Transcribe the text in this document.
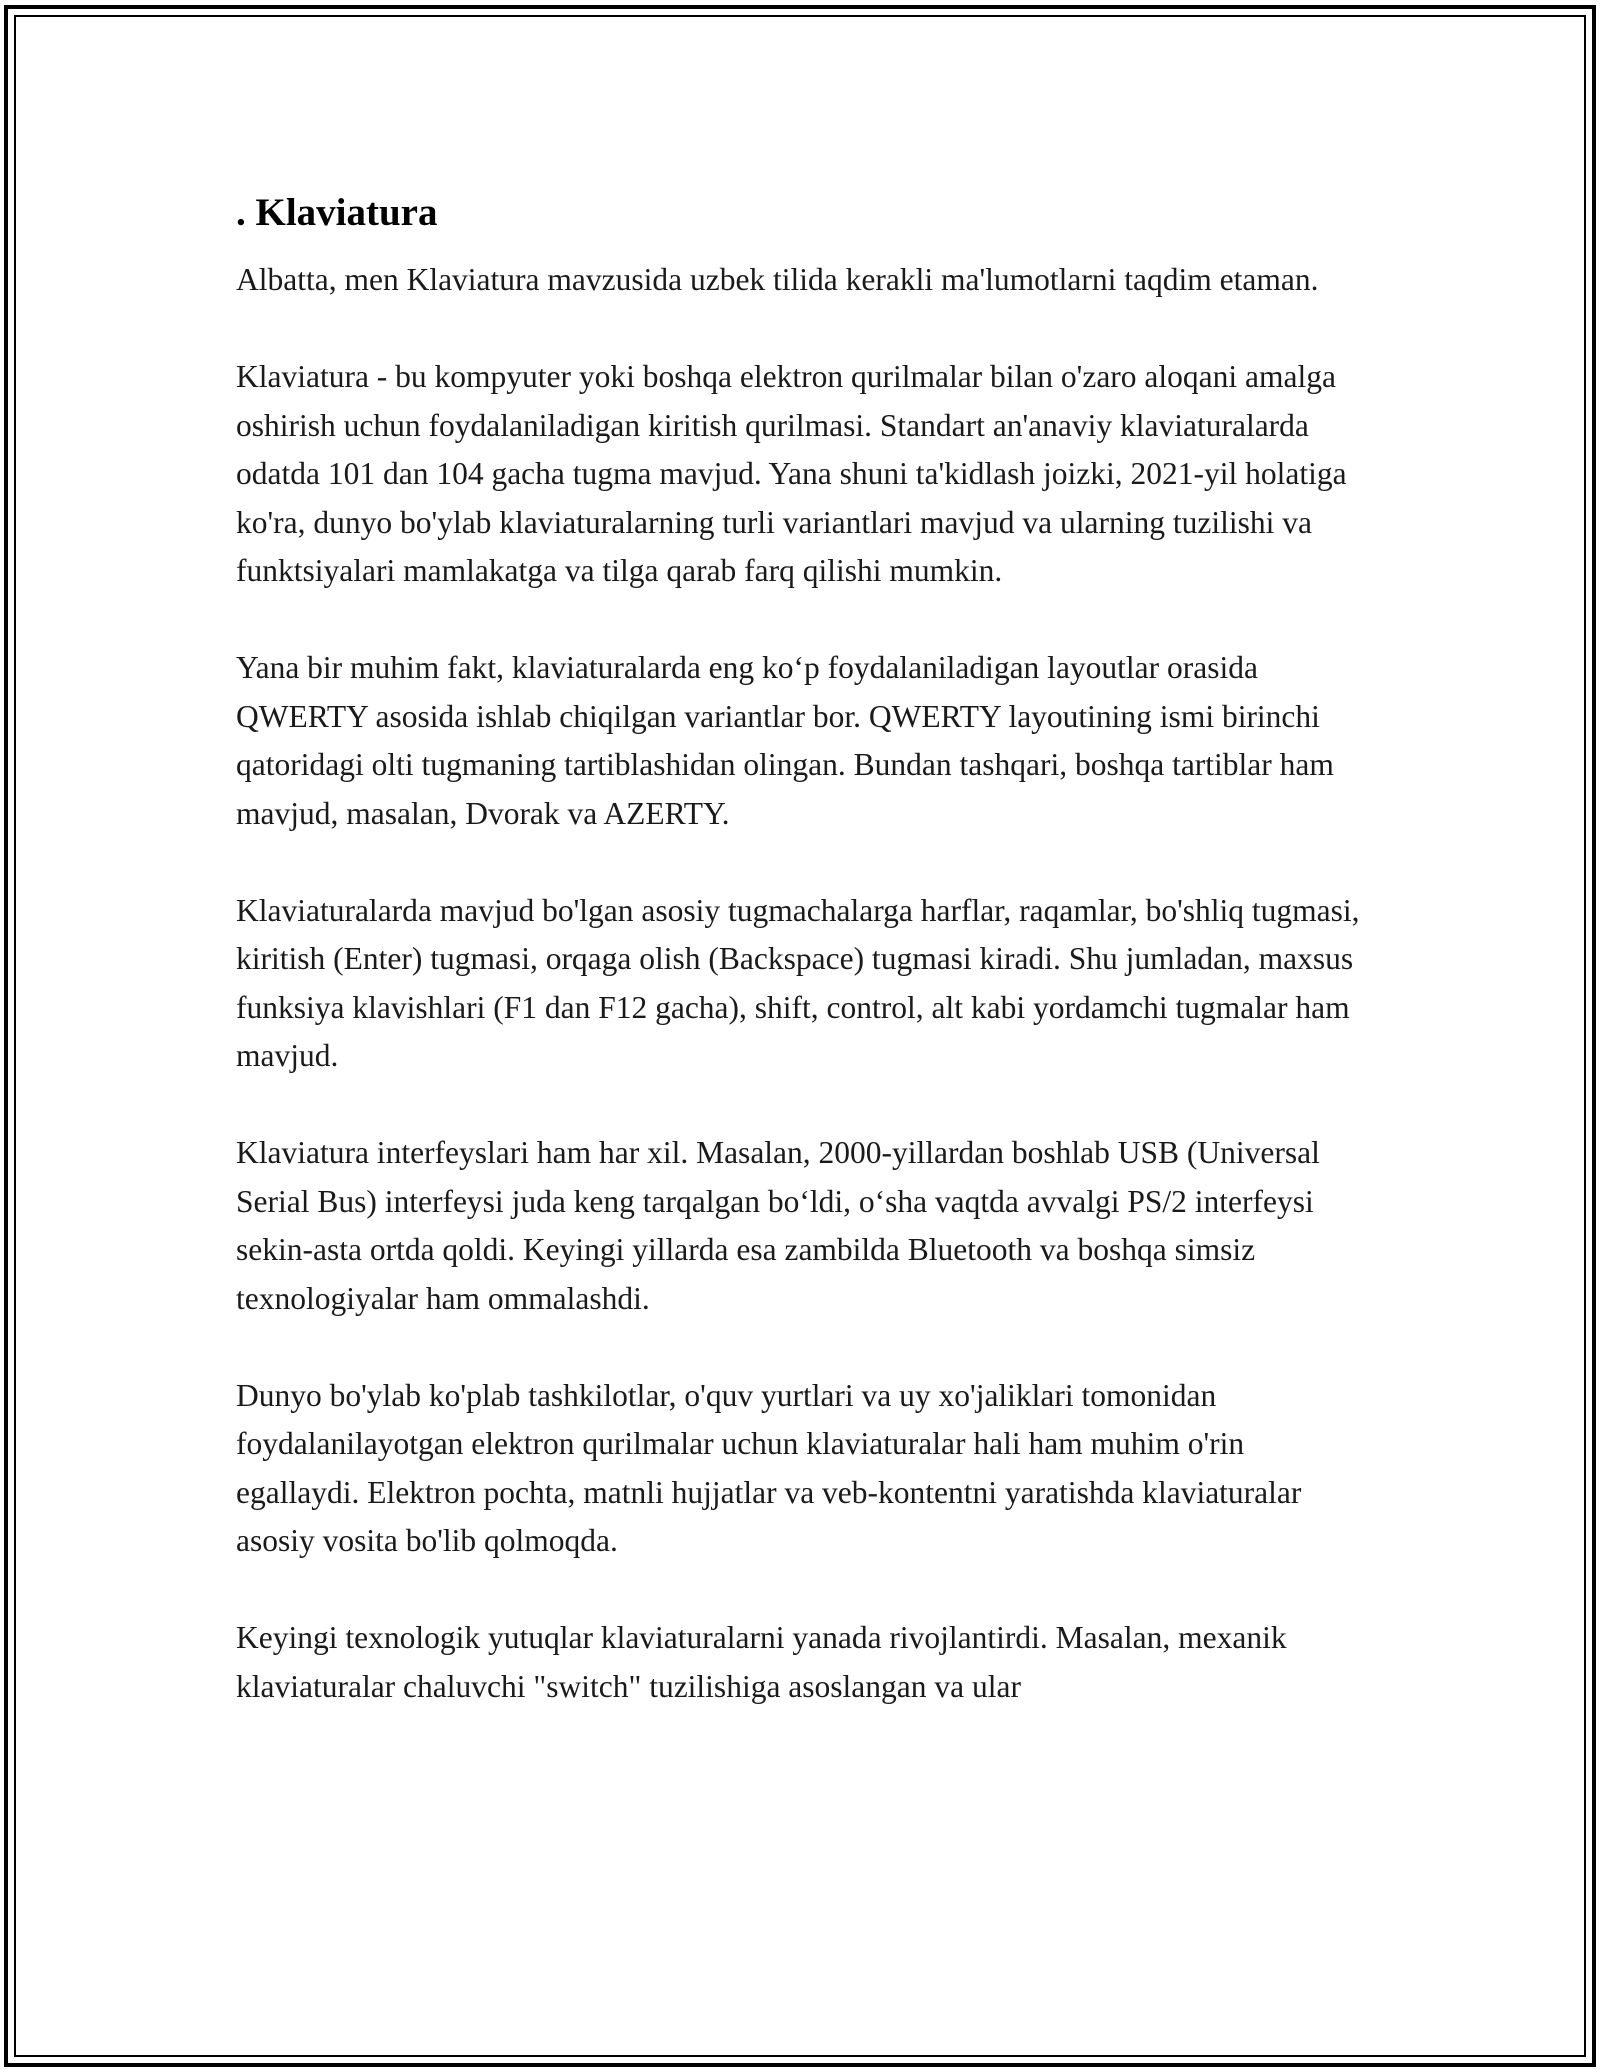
. Klaviatura

Albatta, men Klaviatura mavzusida uzbek tilida kerakli ma'lumotlarni taqdim etaman.

Klaviatura - bu kompyuter yoki boshqa elektron qurilmalar bilan o'zaro aloqani amalga oshirish uchun foydalaniladigan kiritish qurilmasi. Standart an'anaviy klaviaturalarda odatda 101 dan 104 gacha tugma mavjud. Yana shuni ta'kidlash joizki, 2021-yil holatiga ko'ra, dunyo bo'ylab klaviaturalarning turli variantlari mavjud va ularning tuzilishi va funktsiyalari mamlakatga va tilga qarab farq qilishi mumkin.

Yana bir muhim fakt, klaviaturalarda eng koʻp foydalaniladigan layoutlar orasida QWERTY asosida ishlab chiqilgan variantlar bor. QWERTY layoutining ismi birinchi qatoridagi olti tugmaning tartiblashidan olingan. Bundan tashqari, boshqa tartiblar ham mavjud, masalan, Dvorak va AZERTY.

Klaviaturalarda mavjud bo'lgan asosiy tugmachalarga harflar, raqamlar, bo'shliq tugmasi, kiritish (Enter) tugmasi, orqaga olish (Backspace) tugmasi kiradi. Shu jumladan, maxsus funksiya klavishlari (F1 dan F12 gacha), shift, control, alt kabi yordamchi tugmalar ham mavjud.

Klaviatura interfeyslari ham har xil. Masalan, 2000-yillardan boshlab USB (Universal Serial Bus) interfeysi juda keng tarqalgan boʻldi, oʻsha vaqtda avvalgi PS/2 interfeysi sekin-asta ortda qoldi. Keyingi yillarda esa zambilda Bluetooth va boshqa simsiz texnologiyalar ham ommalashdi.

Dunyo bo'ylab ko'plab tashkilotlar, o'quv yurtlari va uy xo'jaliklari tomonidan foydalanilayotgan elektron qurilmalar uchun klaviaturalar hali ham muhim o'rin egallaydi. Elektron pochta, matnli hujjatlar va veb-kontentni yaratishda klaviaturalar asosiy vosita bo'lib qolmoqda.

Keyingi texnologik yutuqlar klaviaturalarni yanada rivojlantirdi. Masalan, mexanik klaviaturalar chaluvchi "switch" tuzilishiga asoslangan va ular
